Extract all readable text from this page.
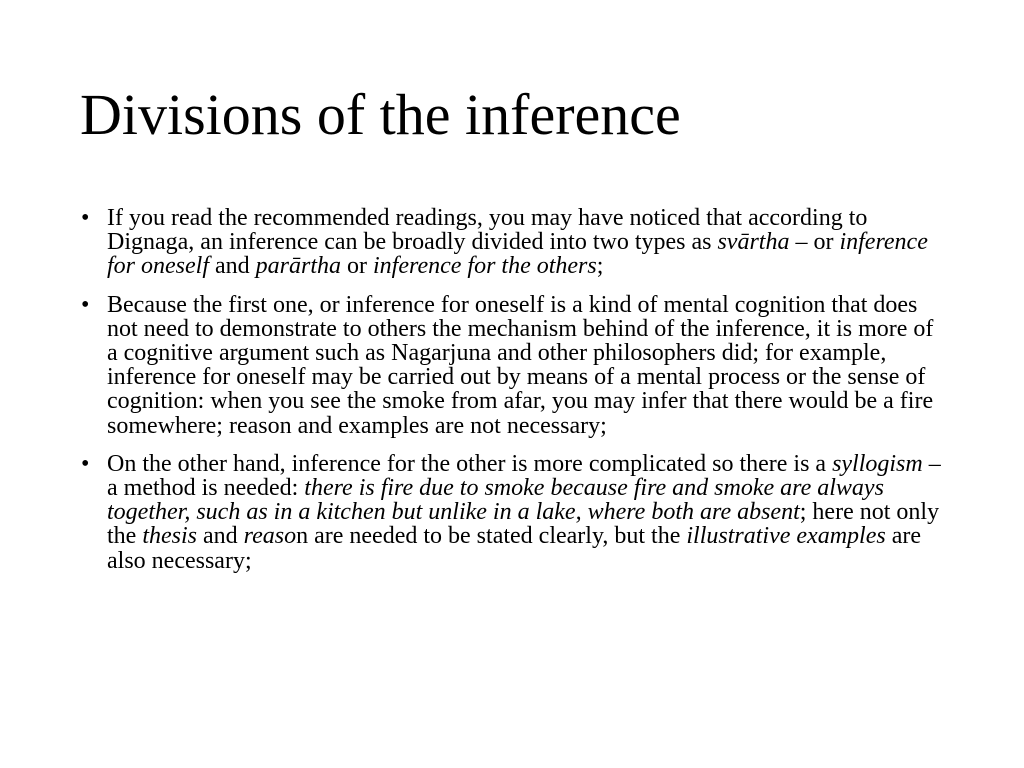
Divisions of the inference
• If you read the recommended readings, you may have noticed that according to Dignaga, an inference can be broadly divided into two types as svārtha – or inference for oneself and parārtha or inference for the others;
• Because the first one, or inference for oneself is a kind of mental cognition that does not need to demonstrate to others the mechanism behind of the inference, it is more of a cognitive argument such as Nagarjuna and other philosophers did; for example, inference for oneself may be carried out by means of a mental process or the sense of cognition: when you see the smoke from afar, you may infer that there would be a fire somewhere; reason and examples are not necessary;
• On the other hand, inference for the other is more complicated so there is a syllogism – a method is needed: there is fire due to smoke because fire and smoke are always together, such as in a kitchen but unlike in a lake, where both are absent; here not only the thesis and reason are needed to be stated clearly, but the illustrative examples are also necessary;
